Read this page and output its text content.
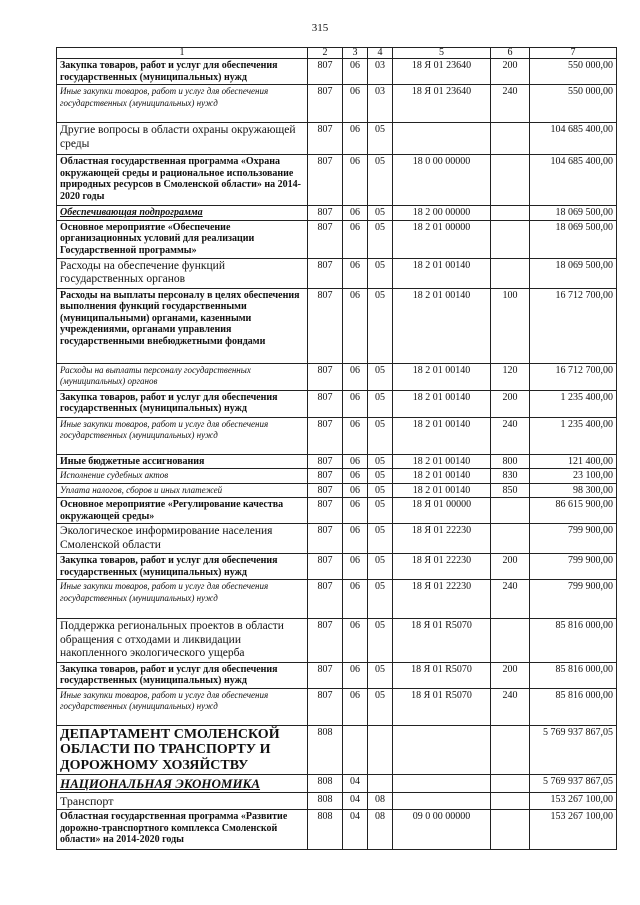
315
1	2	3	4	5	6	7
Закупка товаров, работ и услуг для обеспечения государственных (муниципальных) нужд	807	06	03	18 Я 01 23640	200	550 000,00
Иные закупки товаров, работ и услуг для обеспечения государственных (муниципальных) нужд	807	06	03	18 Я 01 23640	240	550 000,00
Другие вопросы в области охраны окружающей среды	807	06	05			104 685 400,00
Областная государственная программа «Охрана окружающей среды и рациональное использование природных ресурсов в Смоленской области» на 2014-2020 годы	807	06	05	18 0 00 00000		104 685 400,00
Обеспечивающая подпрограмма	807	06	05	18 2 00 00000		18 069 500,00
Основное мероприятие «Обеспечение организационных условий для реализации Государственной программы»	807	06	05	18 2 01 00000		18 069 500,00
Расходы на обеспечение функций государственных органов	807	06	05	18 2 01 00140		18 069 500,00
Расходы на выплаты персоналу в целях обеспечения выполнения функций государственными (муниципальными) органами, казенными учреждениями, органами управления государственными внебюджетными фондами	807	06	05	18 2 01 00140	100	16 712 700,00
Расходы на выплаты персоналу государственных (муниципальных) органов	807	06	05	18 2 01 00140	120	16 712 700,00
Закупка товаров, работ и услуг для обеспечения государственных (муниципальных) нужд	807	06	05	18 2 01 00140	200	1 235 400,00
Иные закупки товаров, работ и услуг для обеспечения государственных (муниципальных) нужд	807	06	05	18 2 01 00140	240	1 235 400,00
Иные бюджетные ассигнования	807	06	05	18 2 01 00140	800	121 400,00
Исполнение судебных актов	807	06	05	18 2 01 00140	830	23 100,00
Уплата налогов, сборов и иных платежей	807	06	05	18 2 01 00140	850	98 300,00
Основное мероприятие «Регулирование качества окружающей среды»	807	06	05	18 Я 01 00000		86 615 900,00
Экологическое информирование населения Смоленской области	807	06	05	18 Я 01 22230		799 900,00
Закупка товаров, работ и услуг для обеспечения государственных (муниципальных) нужд	807	06	05	18 Я 01 22230	200	799 900,00
Иные закупки товаров, работ и услуг для обеспечения государственных (муниципальных) нужд	807	06	05	18 Я 01 22230	240	799 900,00
Поддержка региональных проектов в области обращения с отходами и ликвидации накопленного экологического ущерба	807	06	05	18 Я 01 R5070		85 816 000,00
Закупка товаров, работ и услуг для обеспечения государственных (муниципальных) нужд	807	06	05	18 Я 01 R5070	200	85 816 000,00
Иные закупки товаров, работ и услуг для обеспечения государственных (муниципальных) нужд	807	06	05	18 Я 01 R5070	240	85 816 000,00
ДЕПАРТАМЕНТ СМОЛЕНСКОЙ ОБЛАСТИ ПО ТРАНСПОРТУ И ДОРОЖНОМУ ХОЗЯЙСТВУ	808					5 769 937 867,05
НАЦИОНАЛЬНАЯ ЭКОНОМИКА	808	04				5 769 937 867,05
Транспорт	808	04	08			153 267 100,00
Областная государственная программа «Развитие дорожно-транспортного комплекса Смоленской области» на 2014-2020 годы	808	04	08	09 0 00 00000		153 267 100,00
